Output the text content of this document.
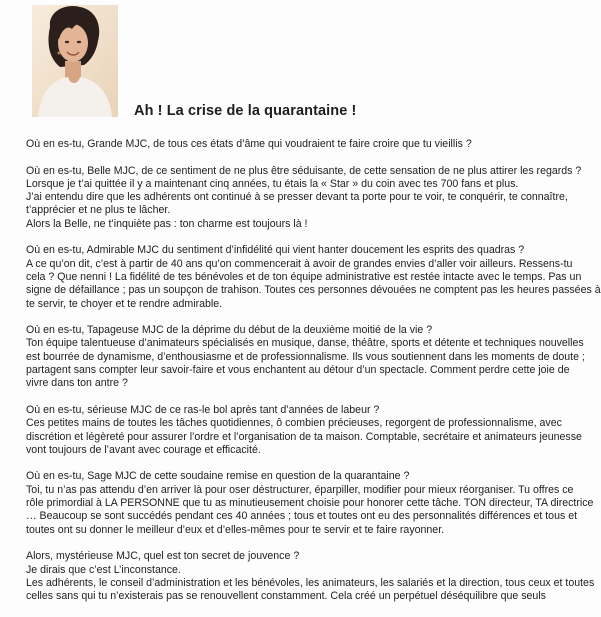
Ah ! La crise de la quarantaine !
Où en es-tu, Grande MJC, de tous ces états d’âme qui voudraient te faire croire que tu vieillis ?
Où en es-tu, Belle MJC, de ce sentiment de ne plus être séduisante, de cette sensation de ne plus attirer les regards ?
Lorsque je t’ai quittée il y a maintenant cinq années, tu étais la « Star » du coin avec tes 700 fans et plus.
J’ai entendu dire que les adhérents ont continué à se presser devant ta porte pour te voir, te conquérir, te connaître,
t’apprécier et ne plus te lâcher.
Alors la Belle, ne t’inquiète pas : ton charme est toujours là !
Où en es-tu, Admirable MJC du sentiment d’infidélité qui vient hanter doucement les esprits des quadras ?
A ce qu’on dit, c’est à partir de 40 ans qu’on commencerait à avoir de grandes envies d’aller voir ailleurs. Ressens-tu
cela ? Que nenni ! La fidélité de tes bénévoles et de ton équipe administrative est restée intacte avec le temps. Pas un
signe de défaillance ; pas un soupçon de trahison. Toutes ces personnes dévouées ne comptent pas les heures passées à
te servir, te choyer et te rendre admirable.
Où en es-tu, Tapageuse MJC de la déprime du début de la deuxième moitié de la vie ?
Ton équipe talentueuse d’animateurs spécialisés en musique, danse, théâtre, sports et détente et techniques nouvelles
est bourrée de dynamisme, d’enthousiasme et de professionnalisme. Ils vous soutiennent dans les moments de doute ;
partagent sans compter leur savoir-faire et vous enchantent au détour d’un spectacle. Comment perdre cette joie de
vivre dans ton antre ?
Où en es-tu, sérieuse MJC de ce ras-le bol après tant d’années de labeur ?
Ces petites mains de toutes les tâches quotidiennes, ô combien précieuses, regorgent de professionnalisme, avec
discrétion et légèreté pour assurer l’ordre et l’organisation de ta maison. Comptable, secrétaire et animateurs jeunesse
vont toujours de l’avant avec courage et efficacité.
Où en es-tu, Sage MJC de cette soudaine remise en question de la quarantaine ?
Toi, tu n’as pas attendu d’en arriver là pour oser déstructurer, éparpiller, modifier pour mieux réorganiser. Tu offres ce
rôle primordial à LA PERSONNE que tu as minutieusement choisie pour honorer cette tâche. TON directeur, TA directrice
… Beaucoup se sont succédés pendant ces 40 années ; tous et toutes ont eu des personnalités différences et tous et
toutes ont su donner le meilleur d’eux et d’elles-mêmes pour te servir et te faire rayonner.
Alors, mystérieuse MJC, quel est ton secret de jouvence ?
Je dirais que c’est L’inconstance.
Les adhérents, le conseil d’administration et les bénévoles, les animateurs, les salariés et la direction, tous ceux et toutes
celles sans qui tu n’existerais pas se renouvellent constamment. Cela créé un perpétuel déséquilibre que seuls
